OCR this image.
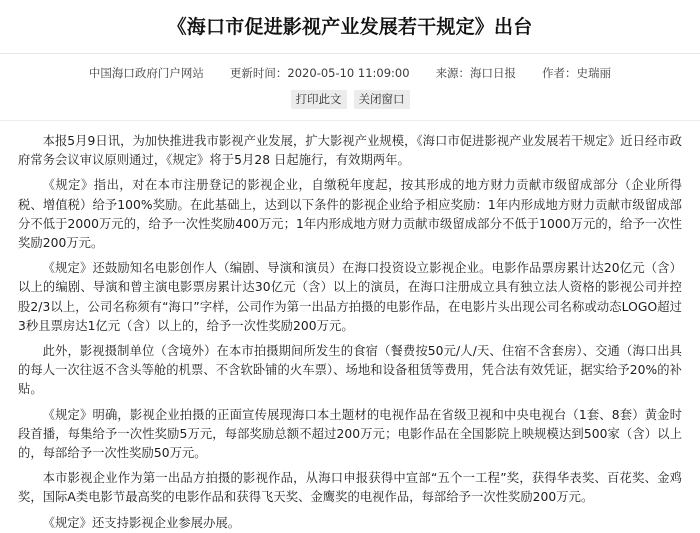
《海口市促进影视产业发展若干规定》出台
中国海口政府门户网站 更新时间：2020-05-10 11:09:00 来源：海口日报 作者：史瑞丽
打印此文	关闭窗口

本报5月9日讯，为加快推进我市影视产业发展，扩大影视产业规模，《海口市促进影视产业发展若干规定》近日经市政府常务会议审议原则通过，《规定》将于5月28 日起施行，有效期两年。

《规定》指出，对在本市注册登记的影视企业，自缴税年度起，按其形成的地方财力贡献市级留成部分（企业所得税、增值税）给予100%奖励。在此基础上，达到以下条件的影视企业给予相应奖励：1年内形成地方财力贡献市级留成部分不低于2000万元的，给予一次性奖励400万元；1年内形成地方财力贡献市级留成部分不低于1000万元的，给予一次性奖励200万元。

《规定》还鼓励知名电影创作人（编剧、导演和演员）在海口投资设立影视企业。电影作品票房累计达20亿元（含）以上的编剧、导演和曾主演电影票房累计达30亿元（含）以上的演员，在海口注册成立具有独立法人资格的影视公司并控股2/3以上，公司名称须有“海口”字样，公司作为第一出品方拍摄的电影作品，在电影片头出现公司名称或动态LOGO超过3秒且票房达1亿元（含）以上的，给予一次性奖励200万元。

此外，影视摄制单位（含境外）在本市拍摄期间所发生的食宿（餐费按50元/人/天、住宿不含套房）、交通（海口出具的每人一次往返不含头等舱的机票、不含软卧铺的火车票）、场地和设备租赁等费用，凭合法有效凭证，据实给予20%的补贴。

《规定》明确，影视企业拍摄的正面宣传展现海口本土题材的电视作品在省级卫视和中央电视台（1套、8套）黄金时段首播，每集给予一次性奖励5万元，每部奖励总额不超过200万元；电影作品在全国影院上映规模达到500家（含）以上的，每部给予一次性奖励50万元。

本市影视企业作为第一出品方拍摄的影视作品，从海口申报获得中宣部“五个一工程”奖，获得华表奖、百花奖、金鸡奖，国际A类电影节最高奖的电影作品和获得飞天奖、金鹰奖的电视作品，每部给予一次性奖励200万元。

《规定》还支持影视企业参展办展。
